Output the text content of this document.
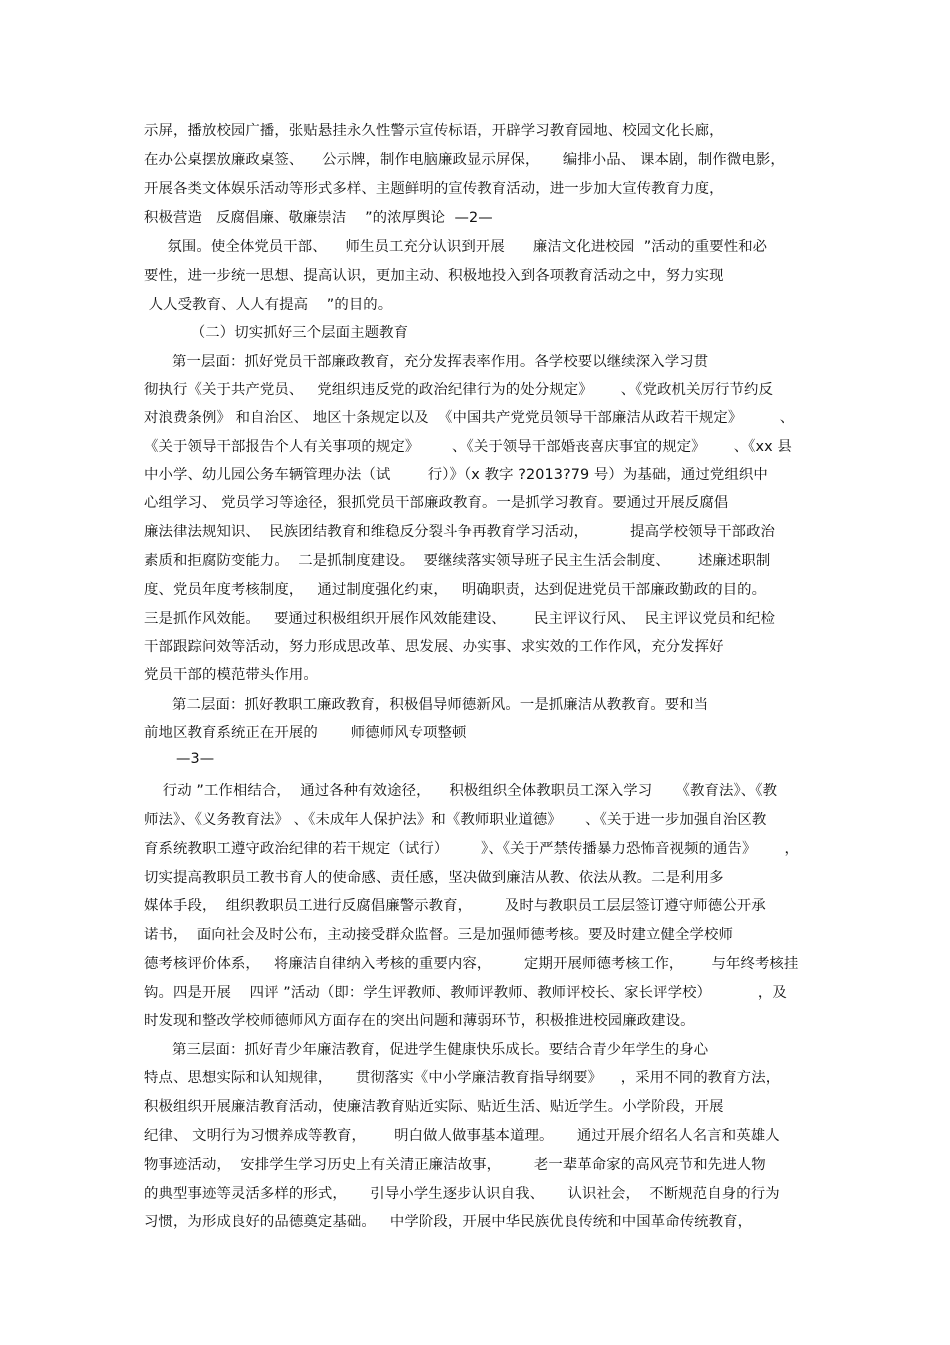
示屏，播放校园广播，张贴悬挂永久性警示宣传标语，开辟学习教育园地、校园文化长廊，
在办公桌摆放廉政桌签、    公示牌，制作电脑廉政显示屏保，     编排小品、 课本剧，制作微电影，
开展各类文体娱乐活动等形式多样、主题鲜明的宣传教育活动，进一步加大宣传教育力度，
积极营造   反腐倡廉、敬廉崇洁    ”的浓厚舆论  —2—
氛围。使全体党员干部、    师生员工充分认识到开展      廉洁文化进校园  ”活动的重要性和必
要性，进一步统一思想、提高认识，更加主动、积极地投入到各项教育活动之中，努力实现
人人受教育、人人有提高    ”的目的。
（二）切实抓好三个层面主题教育
第一层面：抓好党员干部廉政教育，充分发挥表率作用。各学校要以继续深入学习贯
彻执行《关于共产党员、   党组织违反党的政治纪律行为的处分规定》      、《党政机关厉行节约反
对浪费条例》 和自治区、 地区十条规定以及  《中国共产党党员领导干部廉洁从政若干规定》        、
《关于领导干部报告个人有关事项的规定》       、《关于领导干部婚丧喜庆事宜的规定》      、《xx 县
中小学、幼儿园公务车辆管理办法（试        行）》（x 教字 ?2013?79 号）为基础，通过党组织中
心组学习、 党员学习等途径，狠抓党员干部廉政教育。一是抓学习教育。要通过开展反腐倡
廉法律法规知识、  民族团结教育和维稳反分裂斗争再教育学习活动，         提高学校领导干部政治
素质和拒腐防变能力。  二是抓制度建设。  要继续落实领导班子民主生活会制度、      述廉述职制
度、党员年度考核制度，   通过制度强化约束，   明确职责，达到促进党员干部廉政勤政的目的。
三是抓作风效能。   要通过积极组织开展作风效能建设、      民主评议行风、  民主评议党员和纪检
干部跟踪问效等活动，努力形成思改革、思发展、办实事、求实效的工作作风，充分发挥好
党员干部的模范带头作用。
第二层面：抓好教职工廉政教育，积极倡导师德新风。一是抓廉洁从教教育。要和当
前地区教育系统正在开展的       师德师风专项整顿
—3—
行动 ”工作相结合，  通过各种有效途径，    积极组织全体教职员工深入学习     《教育法》、《教
师法》、《义务教育法》 、《未成年人保护法》和《教师职业道德》     、《关于进一步加强自治区教
育系统教职工遵守政治纪律的若干规定（试行）       》、《关于严禁传播暴力恐怖音视频的通告》      ，
切实提高教职员工教书育人的使命感、责任感，坚决做到廉洁从教、依法从教。二是利用多
媒体手段，  组织教职员工进行反腐倡廉警示教育，       及时与教职员工层层签订遵守师德公开承
诺书，  面向社会及时公布，主动接受群众监督。三是加强师德考核。要及时建立健全学校师
德考核评价体系，   将廉洁自律纳入考核的重要内容，       定期开展师德考核工作，      与年终考核挂
钩。四是开展    四评 ”活动（即：学生评教师、教师评教师、教师评校长、家长评学校）          ，及
时发现和整改学校师德师风方面存在的突出问题和薄弱环节，积极推进校园廉政建设。
第三层面：抓好青少年廉洁教育，促进学生健康快乐成长。要结合青少年学生的身心
特点、思想实际和认知规律，     贯彻落实《中小学廉洁教育指导纲要》    ，采用不同的教育方法，
积极组织开展廉洁教育活动，使廉洁教育贴近实际、贴近生活、贴近学生。小学阶段，开展
纪律、 文明行为习惯养成等教育，      明白做人做事基本道理。     通过开展介绍名人名言和英雄人
物事迹活动，  安排学生学习历史上有关清正廉洁故事，       老一辈革命家的高风亮节和先进人物
的典型事迹等灵活多样的形式，     引导小学生逐步认识自我、     认识社会，  不断规范自身的行为
习惯，为形成良好的品德奠定基础。   中学阶段，开展中华民族优良传统和中国革命传统教育，
